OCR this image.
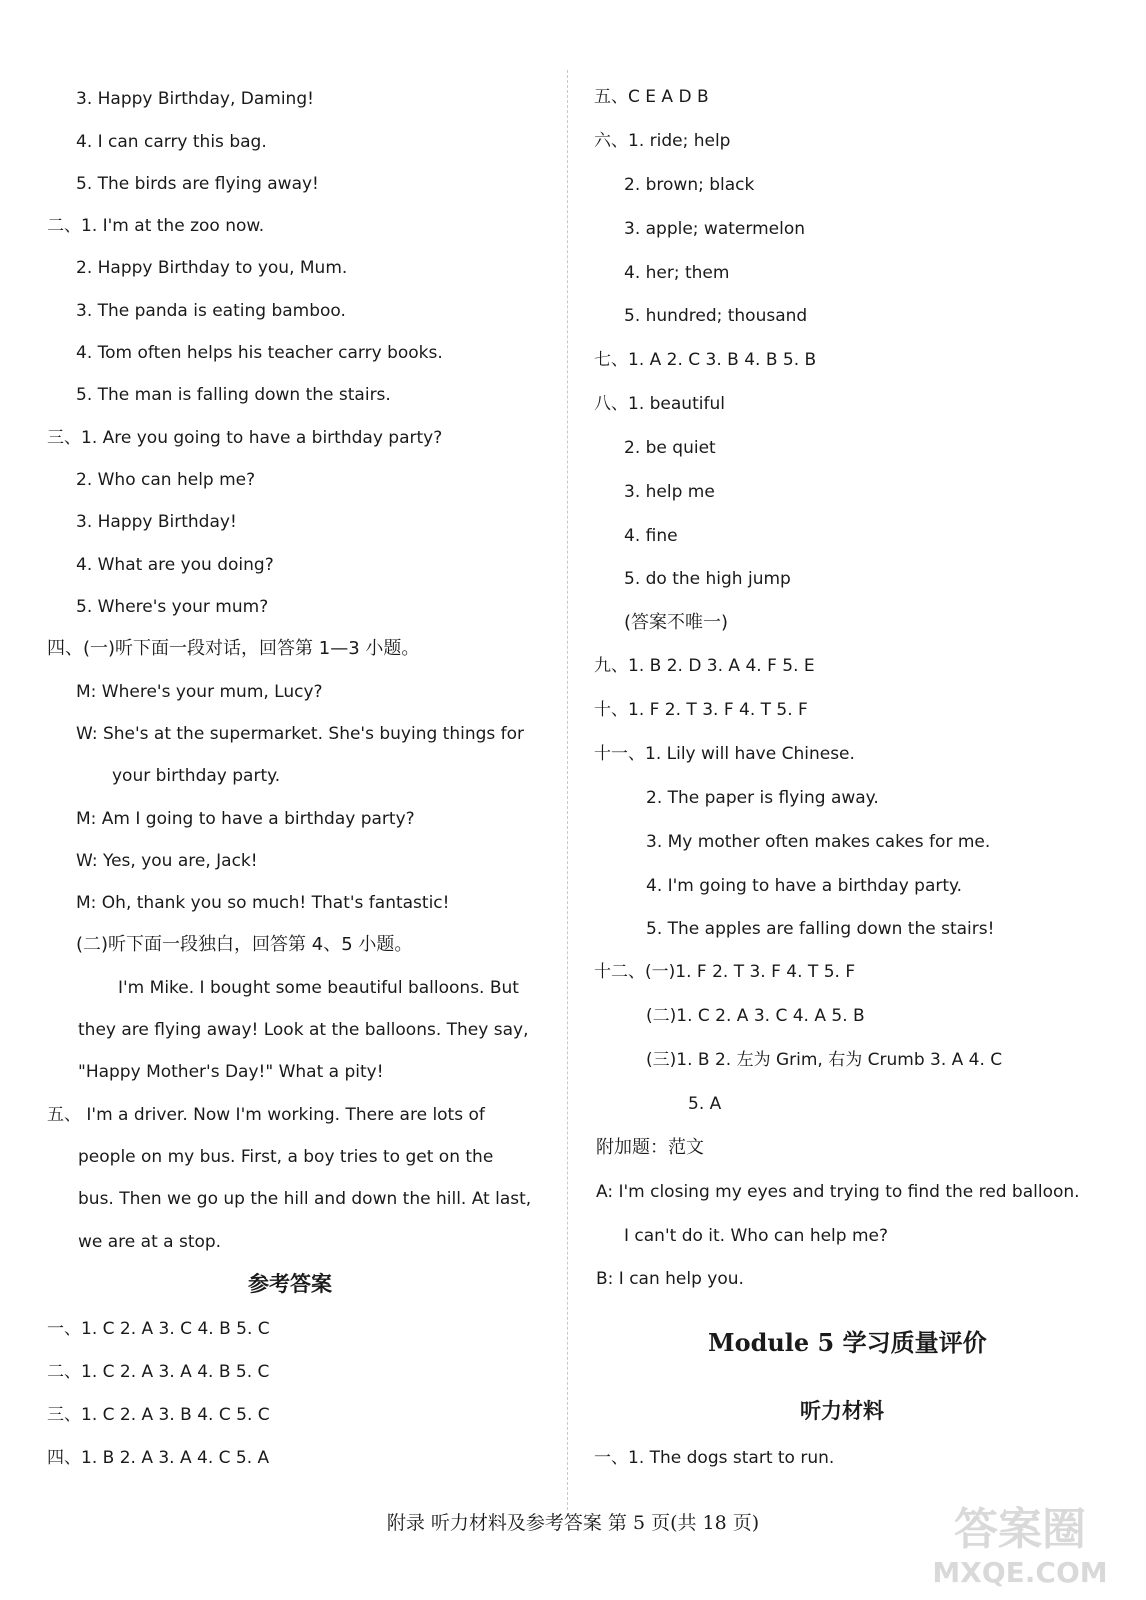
3. Happy Birthday, Daming!
4. I can carry this bag.
5. The birds are flying away!
二、1. I'm at the zoo now.
2. Happy Birthday to you, Mum.
3. The panda is eating bamboo.
4. Tom often helps his teacher carry books.
5. The man is falling down the stairs.
三、1. Are you going to have a birthday party?
2. Who can help me?
3. Happy Birthday!
4. What are you doing?
5. Where's your mum?
四、(一)听下面一段对话，回答第 1—3 小题。
M: Where's your mum, Lucy?
W: She's at the supermarket. She's buying things for
your birthday party.
M: Am I going to have a birthday party?
W: Yes, you are, Jack!
M: Oh, thank you so much! That's fantastic!
(二)听下面一段独白，回答第 4、5 小题。
I'm Mike. I bought some beautiful balloons. But
they are flying away! Look at the balloons. They say,
"Happy Mother's Day!" What a pity!
五、 I'm a driver. Now I'm working. There are lots of
people on my bus. First, a boy tries to get on the
bus. Then we go up the hill and down the hill. At last,
we are at a stop.
参考答案
一、1. C 2. A 3. C 4. B 5. C
二、1. C 2. A 3. A 4. B 5. C
三、1. C 2. A 3. B 4. C 5. C
四、1. B 2. A 3. A 4. C 5. A
五、C E A D B
六、1. ride; help
2. brown; black
3. apple; watermelon
4. her; them
5. hundred; thousand
七、1. A 2. C 3. B 4. B 5. B
八、1. beautiful
2. be quiet
3. help me
4. fine
5. do the high jump
(答案不唯一)
九、1. B 2. D 3. A 4. F 5. E
十、1. F 2. T 3. F 4. T 5. F
十一、1. Lily will have Chinese.
2. The paper is flying away.
3. My mother often makes cakes for me.
4. I'm going to have a birthday party.
5. The apples are falling down the stairs!
十二、(一)1. F 2. T 3. F 4. T 5. F
(二)1. C 2. A 3. C 4. A 5. B
(三)1. B 2. 左为 Grim, 右为 Crumb 3. A 4. C
5. A
附加题：范文
A: I'm closing my eyes and trying to find the red balloon.
I can't do it. Who can help me?
B: I can help you.
Module 5 学习质量评价
听力材料
一、1. The dogs start to run.
附录 听力材料及参考答案 第 5 页(共 18 页)	答案圈
MXQE.COM
